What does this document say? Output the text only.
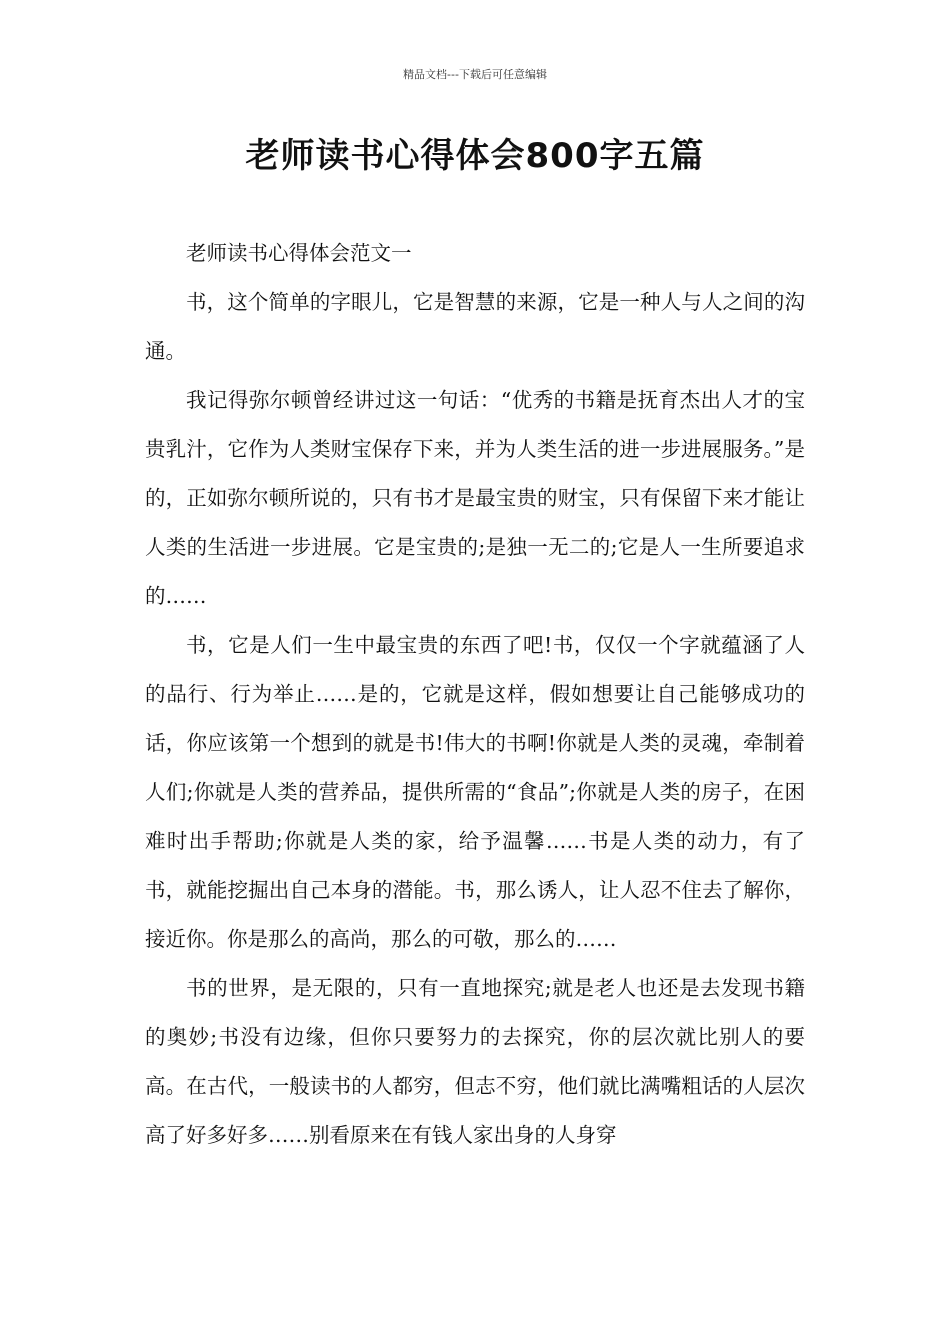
精品文档---下载后可任意编辑
老师读书心得体会800字五篇

老师读书心得体会范文一

书，这个简单的字眼儿，它是智慧的来源，它是一种人与人之间的沟通。

我记得弥尔顿曾经讲过这一句话：“优秀的书籍是抚育杰出人才的宝贵乳汁，它作为人类财宝保存下来，并为人类生活的进一步进展服务。”是的，正如弥尔顿所说的，只有书才是最宝贵的财宝，只有保留下来才能让人类的生活进一步进展。它是宝贵的;是独一无二的;它是人一生所要追求的……

书，它是人们一生中最宝贵的东西了吧!书，仅仅一个字就蕴涵了人的品行、行为举止……是的，它就是这样，假如想要让自己能够成功的话，你应该第一个想到的就是书!伟大的书啊!你就是人类的灵魂，牵制着人们;你就是人类的营养品，提供所需的“食品”;你就是人类的房子，在困难时出手帮助;你就是人类的家，给予温馨……书是人类的动力，有了书，就能挖掘出自己本身的潜能。书，那么诱人，让人忍不住去了解你，接近你。你是那么的高尚，那么的可敬，那么的……

书的世界，是无限的，只有一直地探究;就是老人也还是去发现书籍的奥妙;书没有边缘，但你只要努力的去探究，你的层次就比别人的要高。在古代，一般读书的人都穷，但志不穷，他们就比满嘴粗话的人层次高了好多好多……别看原来在有钱人家出身的人身穿
